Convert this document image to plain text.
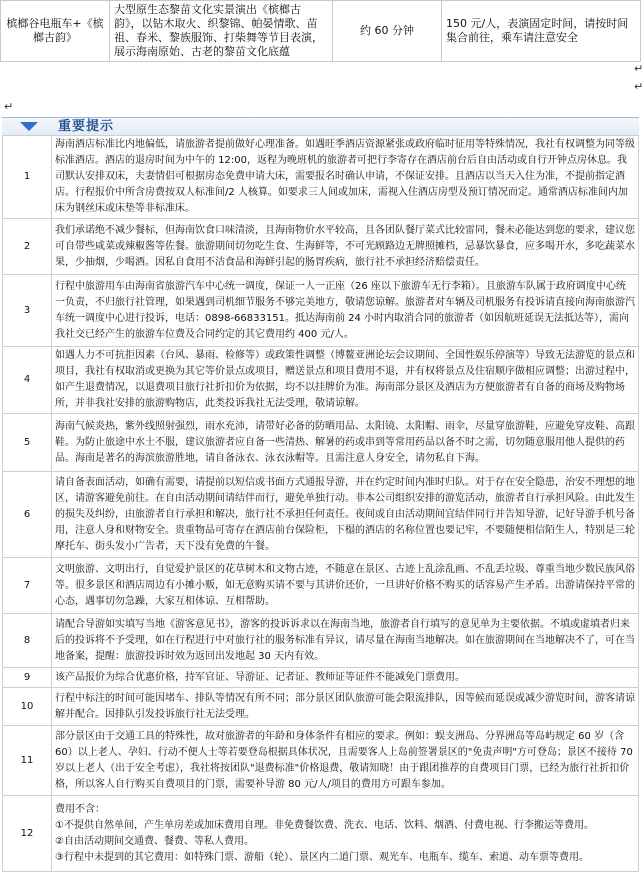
槟榔谷电瓶车+《槟榔古韵》	大型原生态黎苗文化实景演出《槟榔古韵》，以钻木取火、织黎锦、帕晏情歌、苗祖、春米、黎族服饰、打柴舞等节目表演，展示海南原始、古老的黎苗文化底蕴	约 60 分钟	150 元/人，表演固定时间，请按时间集合前往，乘车请注意安全
↵
↵
↵
重要提示
1	海南酒店标准比内地偏低，请旅游者提前做好心理准备。如遇旺季酒店资源紧张或政府临时征用等特殊情况，我社有权调整为同等级标准酒店。酒店的退房时间为中午的 12:00，返程为晚班机的旅游者可把行李寄存在酒店前台后自由活动或自行开钟点房休息。我司默认安排双床，夫妻情侣可根据房态免费申请大床，需要报名时确认申请，不保证安排。且酒店以当天入住为准，不提前指定酒店。行程报价中所含房费按双人标准间/2 人核算。如要求三人间或加床，需视入住酒店房型及预订情况而定。通常酒店标准间内加床为钢丝床或床垫等非标准床。
2	我们承诺绝不减少餐标，但海南饮食口味清淡，且海南物价水平较高，且各团队餐厅菜式比较雷同，餐未必能达到您的要求，建议您可自带些咸菜或辣椒酱等佐餐。旅游期间切勿吃生食、生海鲜等，不可光顾路边无牌照摊档，忌暴饮暴食，应多喝开水，多吃蔬菜水果，少抽烟，少喝酒。因私自食用不洁食品和海鲜引起的肠胃疾病，旅行社不承担经济赔偿责任。
3	行程中旅游用车由海南省旅游汽车中心统一调度，保证一人一正座（26 座以下旅游车无行李箱）。且旅游车队属于政府调度中心统一负责，不归旅行社管理，如果遇到司机细节服务不够完美地方，敬请您谅解。旅游者对车辆及司机服务有投诉请直接向海南旅游汽车统一调度中心进行投诉，电话：0898-66833151。抵达海南前 24 小时内取消合同的旅游者（如因航班延误无法抵达等），需向我社交已经产生的旅游车位费及合同约定的其它费用约 400 元/人。
4	如遇人力不可抗拒因素（台风、暴雨、检修等）或政策性调整（博鳌亚洲论坛会议期间、全国性娱乐停演等）导致无法游览的景点和项目，我社有权取消或更换为其它等价景点或项目，赠送景点和项目费用不退，并有权将景点及住宿顺序做相应调整；出游过程中，如产生退费情况，以退费项目旅行社折扣价为依据，均不以挂牌价为准。海南部分景区及酒店为方便旅游者有自备的商场及购物场所，并非我社安排的旅游购物店，此类投诉我社无法受理，敬请谅解。
5	海南气候炎热，紫外线照射强烈，雨水充沛，请带好必备的防晒用品、太阳镜、太阳帽、雨伞，尽量穿旅游鞋，应避免穿皮鞋、高跟鞋。为防止旅途中水土不服，建议旅游者应自备一些清热、解暑的药或串到等常用药品以备不时之需，切勿随意服用他人提供的药品。海南是著名的海滨旅游胜地，请自备泳衣、泳衣泳帽等。且需注意人身安全，请勿私自下海。
6	请自备表面活动，如确有需要，请提前以短信或书面方式通报导游，并在约定时间内准时归队。对于存在安全隐患，治安不理想的地区，请游客避免前往。在自由活动期间请结伴而行，避免单独行动。非本公司组织安排的游览活动，旅游者自行承担风险。由此发生的损失及纠纷，由旅游者自行承担和解决，旅行社不承担任何责任。夜间或自由活动期间宜结伴同行并告知导游，记好导游手机号备用，注意人身和财物安全。贵重物品可寄存在酒店前台保险柜，下榻的酒店的名称位置也要记牢，不要随便相信陌生人，特别是三轮摩托车、街头发小广告者，天下没有免费的午餐。
7	文明旅游、文明出行，自觉爱护景区的花草树木和文物古迹，不随意在景区、古迹上乱涂乱画、不乱丢垃圾、尊重当地少数民族风俗等。很多景区和酒店周边有小摊小贩，如无意购买请不要与其讲价还价，一旦讲好价格不购买的话容易产生矛盾。出游请保持平常的心态，遇事切勿急躁，大家互相体谅、互相帮助。
8	请配合导游如实填写当地《游客意见书》，游客的投诉诉求以在海南当地，旅游者自行填写的意见单为主要依据。不填或虚填者归来后的投诉将不予受理，如在行程进行中对旅行社的服务标准有异议，请尽量在海南当地解决。如在旅游期间在当地解决不了，可在当地备案，提醒：旅游投诉时效为返回出发地起 30 天内有效。
9	该产品报价为综合优惠价格，持军官证、导游证、记者证、教师证等证件不能减免门票费用。
10	行程中标注的时间可能因堵车、排队等情况有所不同；部分景区团队旅游可能会限流排队，因等候而延误或减少游览时间，游客请谅解并配合。因排队引发投诉旅行社无法受理。
11	部分景区由于交通工具的特殊性，故对旅游者的年龄和身体条件有相应的要求。例如：蜈支洲岛、分界洲岛等岛屿规定 60 岁（含 60）以上老人、孕妇、行动不便人士等若要登岛根据具体状况，且需要客人上岛前签署景区的"免责声明"方可登岛；景区不接待 70 岁以上老人（出于安全考虑），我社将按团队"退费标准"价格退费，敬请知晓！由于跟团推荐的自费项目门票，已经为旅行社折扣价格，所以客人自行购买自费项目的门票，需要补导游 80 元/人/项目的费用方可跟车参加。
12	费用不含：
①不提供自然单间，产生单房差或加床费用自理。非免费餐饮费、洗衣、电话、饮料、烟酒、付费电视、行李搬运等费用。
②自由活动期间交通费、餐费、等私人费用。
③行程中未提到的其它费用：如特殊门票、游船（轮）、景区内二道门票、观光车、电瓶车、缆车、索道、动车票等费用。
